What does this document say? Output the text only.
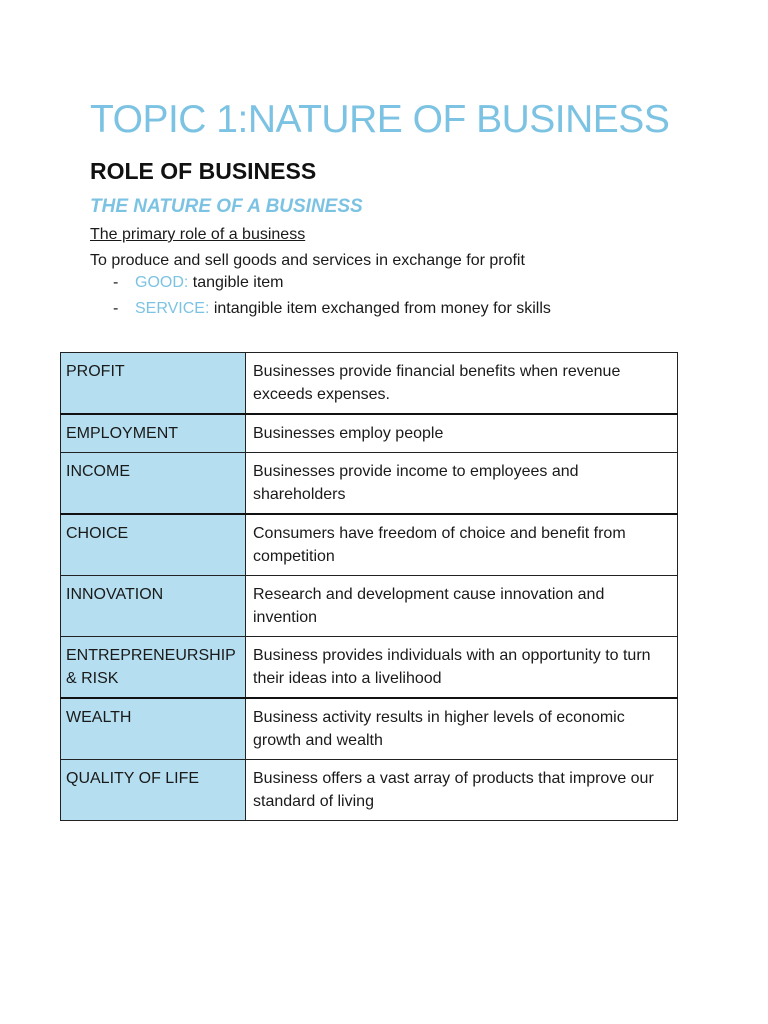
TOPIC 1:NATURE OF BUSINESS
ROLE OF BUSINESS
THE NATURE OF A BUSINESS
The primary role of a business
To produce and sell goods and services in exchange for profit
- GOOD: tangible item
- SERVICE: intangible item exchanged from money for skills
PROFIT	Businesses provide financial benefits when revenue exceeds expenses.
EMPLOYMENT	Businesses employ people
INCOME	Businesses provide income to employees and shareholders
CHOICE	Consumers have freedom of choice and benefit from competition
INNOVATION	Research and development cause innovation and invention
ENTREPRENEURSHIP & RISK	Business provides individuals with an opportunity to turn their ideas into a livelihood
WEALTH	Business activity results in higher levels of economic growth and wealth
QUALITY OF LIFE	Business offers a vast array of products that improve our standard of living
